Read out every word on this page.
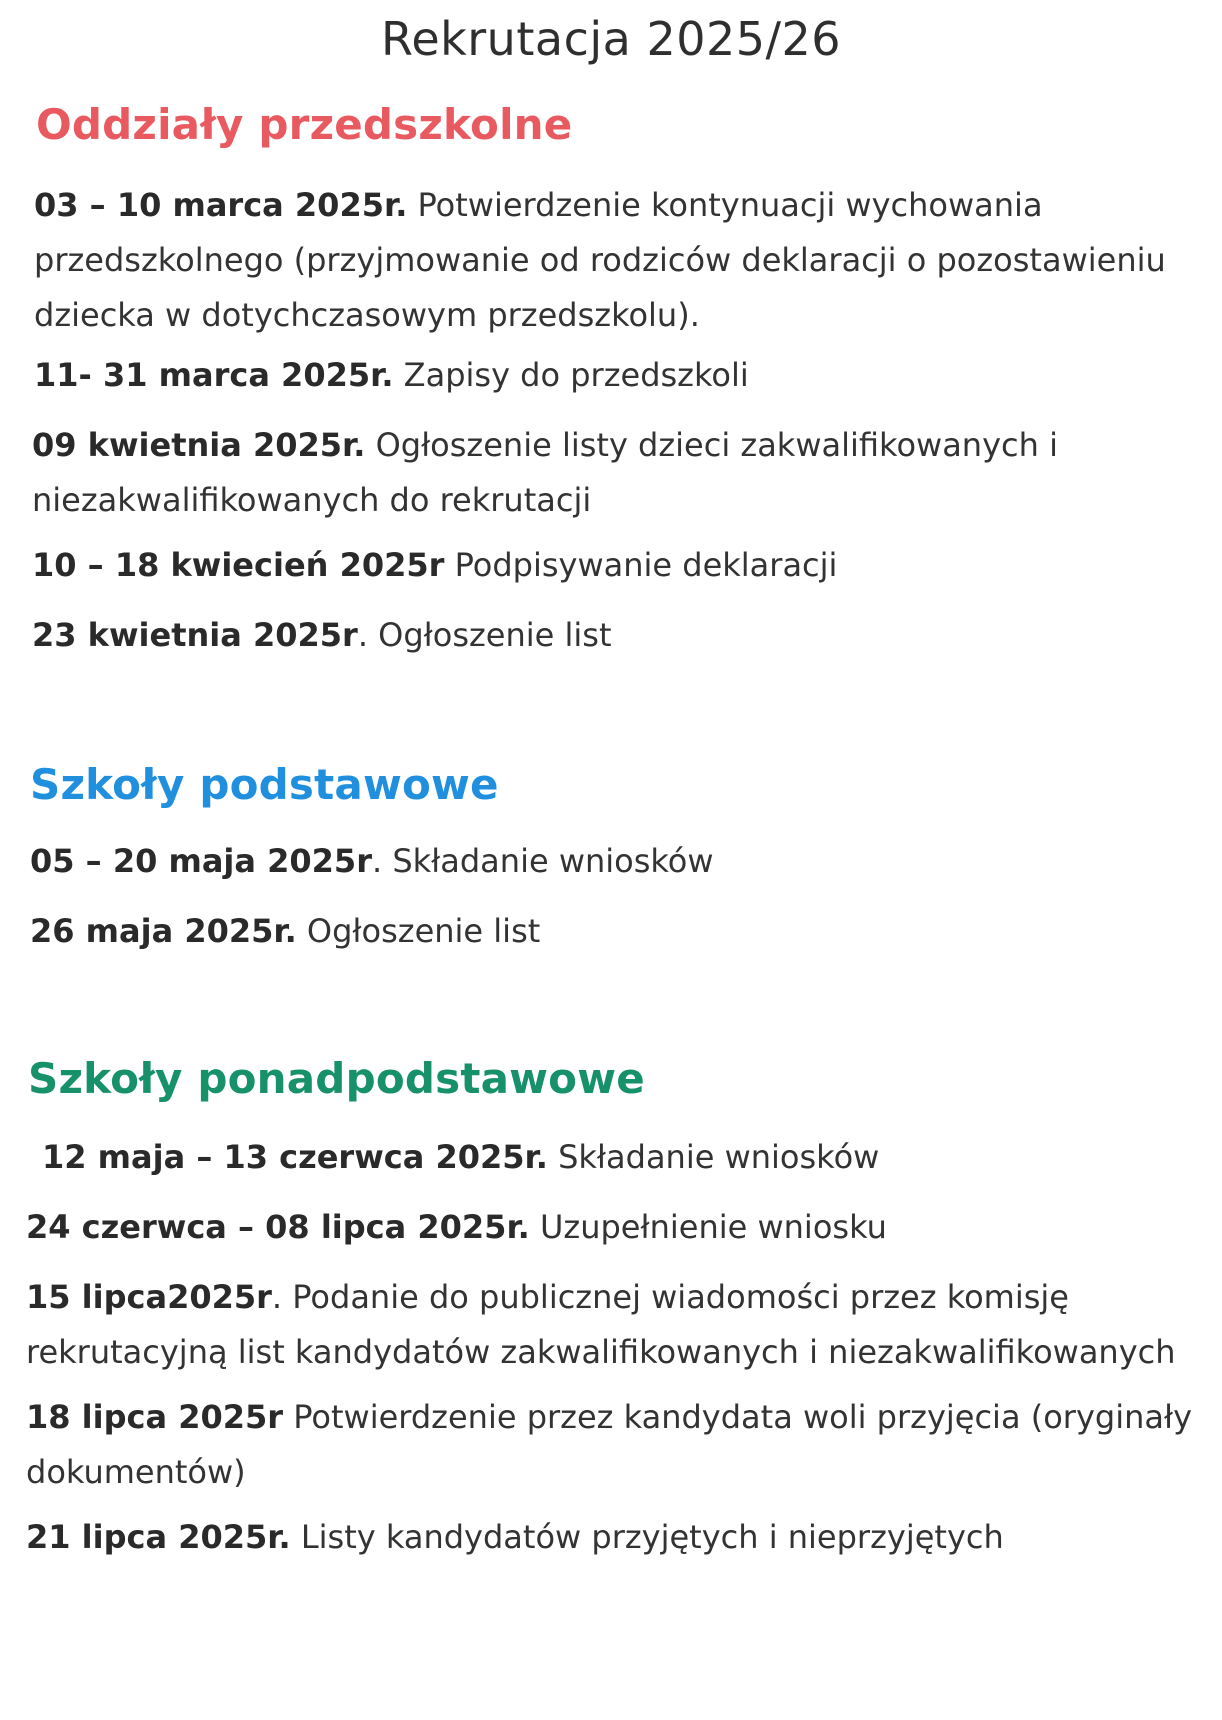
Rekrutacja 2025/26
Oddziały przedszkolne

03 – 10 marca 2025r. Potwierdzenie kontynuacji wychowania przedszkolnego (przyjmowanie od rodziców deklaracji o pozostawieniu dziecka w dotychczasowym przedszkolu).

11- 31 marca 2025r. Zapisy do przedszkoli

09 kwietnia 2025r. Ogłoszenie listy dzieci zakwalifikowanych i niezakwalifikowanych do rekrutacji

10 – 18 kwiecień 2025r Podpisywanie deklaracji

23 kwietnia 2025r. Ogłoszenie list

Szkoły podstawowe

05 – 20 maja 2025r. Składanie wniosków

26 maja 2025r. Ogłoszenie list

Szkoły ponadpodstawowe

12 maja – 13 czerwca 2025r. Składanie wniosków

24 czerwca – 08 lipca 2025r. Uzupełnienie wniosku

15 lipca2025r. Podanie do publicznej wiadomości przez komisję rekrutacyjną list kandydatów zakwalifikowanych i niezakwalifikowanych

18 lipca 2025r Potwierdzenie przez kandydata woli przyjęcia (oryginały dokumentów)

21 lipca 2025r. Listy kandydatów przyjętych i nieprzyjętych
